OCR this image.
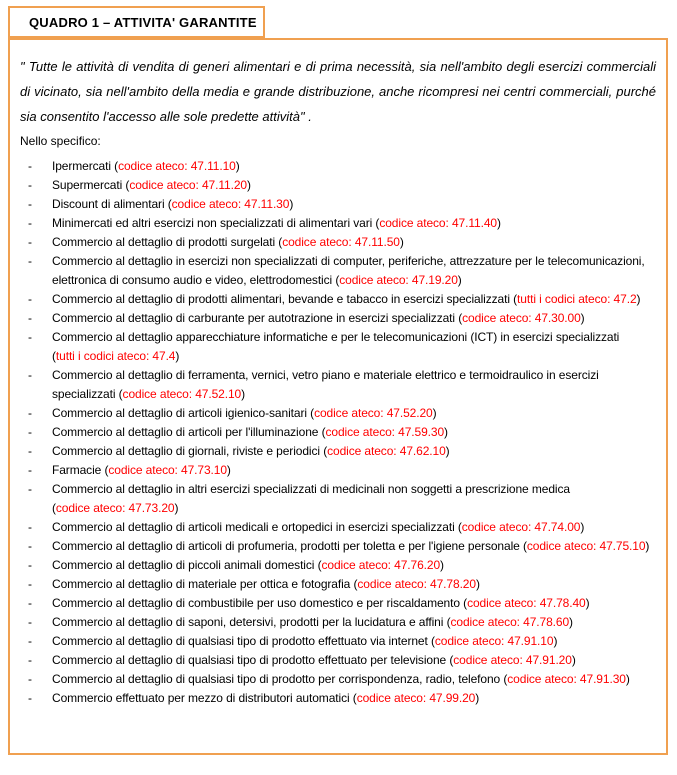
QUADRO 1 – ATTIVITA' GARANTITE

" Tutte le attività di vendita di generi alimentari e di prima necessità, sia nell'ambito degli esercizi commerciali di vicinato, sia nell'ambito della media e grande distribuzione, anche ricompresi nei centri commerciali, purché sia consentito l'accesso alle sole predette attività" .

Nello specifico:

- Ipermercati (codice ateco: 47.11.10)
- Supermercati (codice ateco: 47.11.20)
- Discount di alimentari (codice ateco: 47.11.30)
- Minimercati ed altri esercizi non specializzati di alimentari vari (codice ateco: 47.11.40)
- Commercio al dettaglio di prodotti surgelati (codice ateco: 47.11.50)
- Commercio al dettaglio in esercizi non specializzati di computer, periferiche, attrezzature per le telecomunicazioni, elettronica di consumo audio e video, elettrodomestici (codice ateco: 47.19.20)
- Commercio al dettaglio di prodotti alimentari, bevande e tabacco in esercizi specializzati (tutti i codici ateco: 47.2)
- Commercio al dettaglio di carburante per autotrazione in esercizi specializzati (codice ateco: 47.30.00)
- Commercio al dettaglio apparecchiature informatiche e per le telecomunicazioni (ICT) in esercizi specializzati (tutti i codici ateco: 47.4)
- Commercio al dettaglio di ferramenta, vernici, vetro piano e materiale elettrico e termoidraulico in esercizi specializzati (codice ateco: 47.52.10)
- Commercio al dettaglio di articoli igienico-sanitari (codice ateco: 47.52.20)
- Commercio al dettaglio di articoli per l'illuminazione (codice ateco: 47.59.30)
- Commercio al dettaglio di giornali, riviste e periodici (codice ateco: 47.62.10)
- Farmacie (codice ateco: 47.73.10)
- Commercio al dettaglio in altri esercizi specializzati di medicinali non soggetti a prescrizione medica (codice ateco: 47.73.20)
- Commercio al dettaglio di articoli medicali e ortopedici in esercizi specializzati (codice ateco: 47.74.00)
- Commercio al dettaglio di articoli di profumeria, prodotti per toletta e per l'igiene personale (codice ateco: 47.75.10)
- Commercio al dettaglio di piccoli animali domestici (codice ateco: 47.76.20)
- Commercio al dettaglio di materiale per ottica e fotografia (codice ateco: 47.78.20)
- Commercio al dettaglio di combustibile per uso domestico e per riscaldamento (codice ateco: 47.78.40)
- Commercio al dettaglio di saponi, detersivi, prodotti per la lucidatura e affini (codice ateco: 47.78.60)
- Commercio al dettaglio di qualsiasi tipo di prodotto effettuato via internet (codice ateco: 47.91.10)
- Commercio al dettaglio di qualsiasi tipo di prodotto effettuato per televisione (codice ateco: 47.91.20)
- Commercio al dettaglio di qualsiasi tipo di prodotto per corrispondenza, radio, telefono (codice ateco: 47.91.30)
- Commercio effettuato per mezzo di distributori automatici (codice ateco: 47.99.20)
